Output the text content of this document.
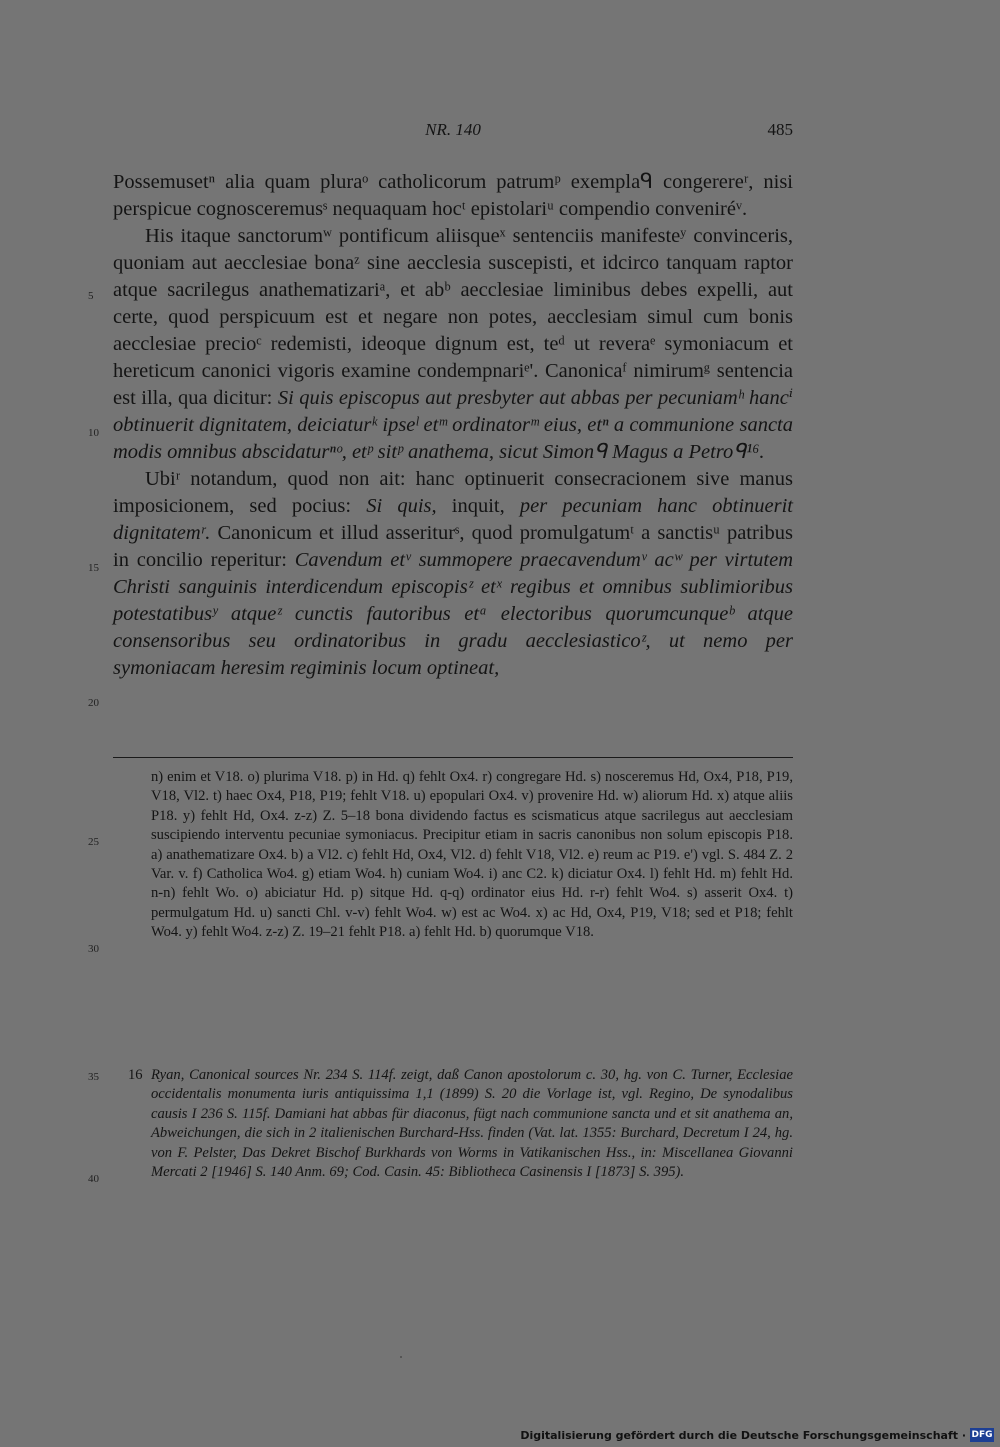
NR. 140	485

Possemusetⁿ alia quam pluraᵒ catholicorum patrumᵖ exemplaᑫ congerereʳ, nisi perspicue cognosceremusˢ nequaquam hocᵗ epistolariᵘ compendio conveniréᵛ.

His itaque sanctorumʷ pontificum aliisqueˣ sentenciis manifesteʸ convinceris, quoniam aut aecclesiae bonaᶻ sine aecclesia suscepisti, et idcirco tanquam raptor atque sacrilegus anathematizariᵃ, et abᵇ aecclesiae liminibus debes expelli, aut certe, quod perspicuum est et negare non potes, aecclesiam simul cum bonis aecclesiae precioᶜ redemisti, ideoque dignum est, teᵈ ut reveraᵉ symoniacum et hereticum canonici vigoris examine condempnariᵉ'. Canonicaᶠ nimirumᵍ sentencia est illa, qua dicitur: Si quis episcopus aut presbyter aut abbas per pecuniamʰ hancⁱ obtinuerit dignitatem, deiciaturᵏ ipseˡ etᵐ ordinatorᵐ eius, etⁿ a communione sancta modis omnibus abscidaturⁿᵒ, etᵖ sitᵖ anathema, sicut Simonᑫ Magus a Petroᑫ¹⁶.

Ubiʳ notandum, quod non ait: hanc optinuerit consecracionem sive manus imposicionem, sed pocius: Si quis, inquit, per pecuniam hanc obtinuerit dignitatemʳ. Canonicum et illud asseriturˢ, quod promulgatumᵗ a sanctisᵘ patribus in concilio reperitur: Cavendum etᵛ summopere praecavendumᵛ acʷ per virtutem Christi sanguinis interdicendum episcopisᶻ etˣ regibus et omnibus sublimioribus potestatibusʸ atqueᶻ cunctis fautoribus etᵃ electoribus quorumcunqueᵇ atque consensoribus seu ordinatoribus in gradu aecclesiasticoᶻ, ut nemo per symoniacam heresim regiminis locum optineat,

n) enim et V18. o) plurima V18. p) in Hd. q) fehlt Ox4. r) congregare Hd. s) nosceremus Hd, Ox4, P18, P19, V18, Vl2. t) haec Ox4, P18, P19; fehlt V18. u) epopulari Ox4. v) provenire Hd. w) aliorum Hd. x) atque aliis P18. y) fehlt Hd, Ox4. z-z) Z. 5–18 bona dividendo factus es scismaticus atque sacrilegus aut aecclesiam suscipiendo interventu pecuniae symoniacus. Precipitur etiam in sacris canonibus non solum episcopis P18. a) anathematizare Ox4. b) a Vl2. c) fehlt Hd, Ox4, Vl2. d) fehlt V18, Vl2. e) reum ac P19. e') vgl. S. 484 Z. 2 Var. v. f) Catholica Wo4. g) etiam Wo4. h) cuniam Wo4. i) anc C2. k) diciatur Ox4. l) fehlt Hd. m) fehlt Hd. n-n) fehlt Wo. o) abiciatur Hd. p) sitque Hd. q-q) ordinator eius Hd. r-r) fehlt Wo4. s) asserit Ox4. t) permulgatum Hd. u) sancti Chl. v-v) fehlt Wo4. w) est ac Wo4. x) ac Hd, Ox4, P19, V18; sed et P18; fehlt Wo4. y) fehlt Wo4. z-z) Z. 19–21 fehlt P18. a) fehlt Hd. b) quorumque V18.
16 Ryan, Canonical sources Nr. 234 S. 114f. zeigt, daß Canon apostolorum c. 30, hg. von C. Turner, Ecclesiae occidentalis monumenta iuris antiquissima 1,1 (1899) S. 20 die Vorlage ist, vgl. Regino, De synodalibus causis I 236 S. 115f. Damiani hat abbas für diaconus, fügt nach communione sancta und et sit anathema an, Abweichungen, die sich in 2 italienischen Burchard-Hss. finden (Vat. lat. 1355: Burchard, Decretum I 24, hg. von F. Pelster, Das Dekret Bischof Burkhards von Worms in Vatikanischen Hss., in: Miscellanea Giovanni Mercati 2 [1946] S. 140 Anm. 69; Cod. Casin. 45: Bibliotheca Casinensis I [1873] S. 395).
5
10
15
20
25
30
35
40
Digitalisierung gefördert durch die Deutsche Forschungsgemeinschaft · DFG
